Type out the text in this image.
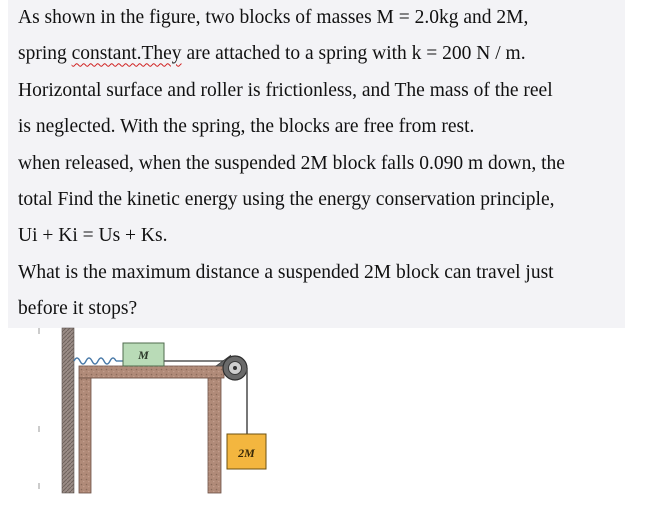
As shown in the figure, two blocks of masses M = 2.0kg and 2M,
spring constant.They are attached to a spring with k = 200 N / m.
Horizontal surface and roller is frictionless, and The mass of the reel
is neglected. With the spring, the blocks are free from rest.
when released, when the suspended 2M block falls 0.090 m down, the
total Find the kinetic energy using the energy conservation principle,
Ui + Ki = Us + Ks.
What is the maximum distance a suspended 2M block can travel just
before it stops?
M
2M
